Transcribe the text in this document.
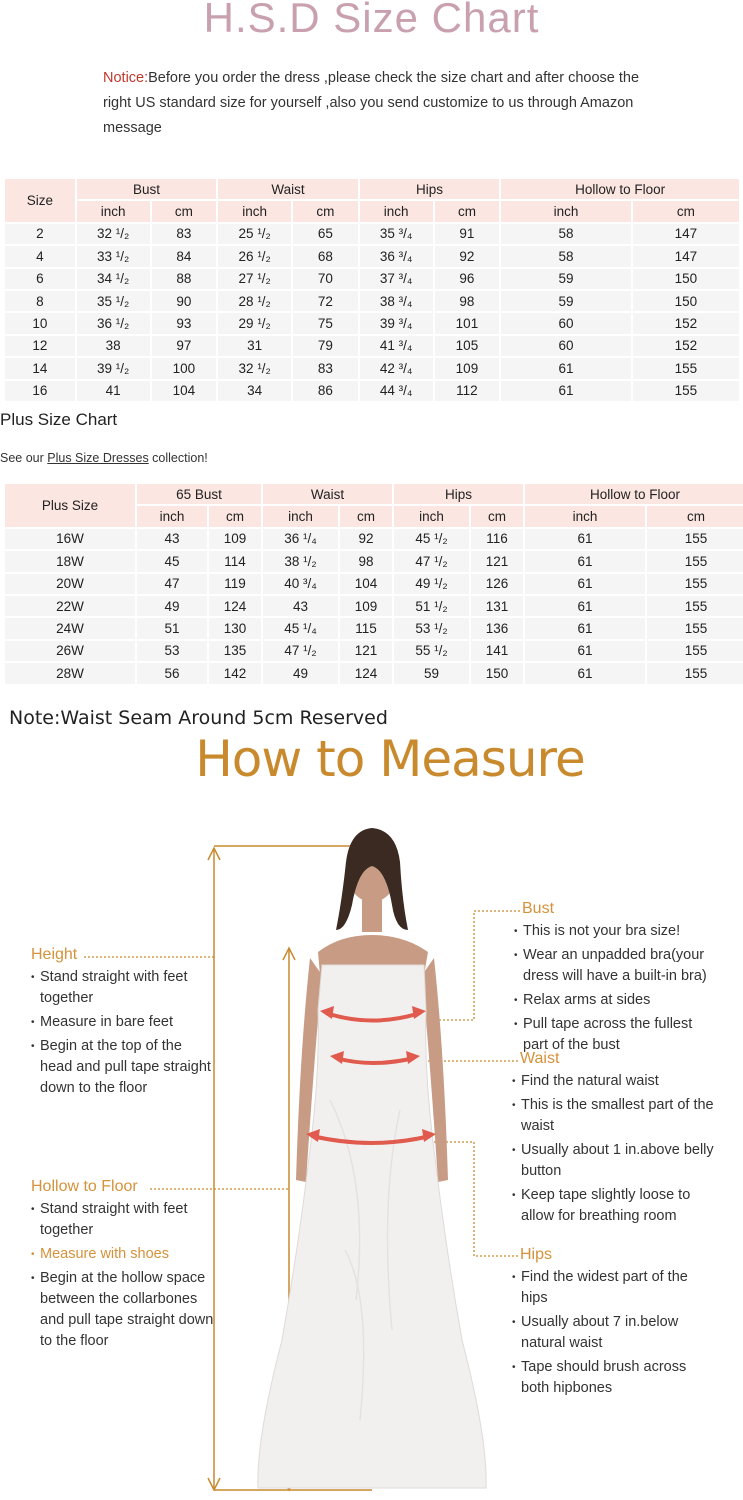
H.S.D Size Chart
Notice:Before you order the dress ,please check the size chart and after choose the right US standard size for yourself ,also you send customize to us through Amazon message
Size	Bust		Waist		Hips		Hollow to Floor	
	inch	cm	inch	cm	inch	cm	inch	cm
2	32 ¹/₂	83	25 ¹/₂	65	35 ³/₄	91	58	147
4	33 ¹/₂	84	26 ¹/₂	68	36 ³/₄	92	58	147
6	34 ¹/₂	88	27 ¹/₂	70	37 ³/₄	96	59	150
8	35 ¹/₂	90	28 ¹/₂	72	38 ³/₄	98	59	150
10	36 ¹/₂	93	29 ¹/₂	75	39 ³/₄	101	60	152
12	38	97	31	79	41 ³/₄	105	60	152
14	39 ¹/₂	100	32 ¹/₂	83	42 ³/₄	109	61	155
16	41	104	34	86	44 ³/₄	112	61	155
Plus Size Chart
See our Plus Size Dresses collection!
Plus Size	65 Bust		Waist		Hips		Hollow to Floor	
	inch	cm	inch	cm	inch	cm	inch	cm
16W	43	109	36 ¹/₄	92	45 ¹/₂	116	61	155
18W	45	114	38 ¹/₂	98	47 ¹/₂	121	61	155
20W	47	119	40 ³/₄	104	49 ¹/₂	126	61	155
22W	49	124	43	109	51 ¹/₂	131	61	155
24W	51	130	45 ¹/₄	115	53 ¹/₂	136	61	155
26W	53	135	47 ¹/₂	121	55 ¹/₂	141	61	155
28W	56	142	49	124	59	150	61	155
Note:Waist Seam Around 5cm Reserved
How to Measure
Height
• Stand straight with feet together
• Measure in bare feet
• Begin at the top of the head and pull tape straight down to the floor
Hollow to Floor
• Stand straight with feet together
• Measure with shoes
• Begin at the hollow space between the collarbones and pull tape straight down to the floor
Bust
• This is not your bra size!
• Wear an unpadded bra(your dress will have a built-in bra)
• Relax arms at sides
• Pull tape across the fullest part of the bust
Waist
• Find the natural waist
• This is the smallest part of the waist
• Usually about 1 in.above belly button
• Keep tape slightly loose to allow for breathing room
Hips
• Find the widest part of the hips
• Usually about 7 in.below natural waist
• Tape should brush across both hipbones
